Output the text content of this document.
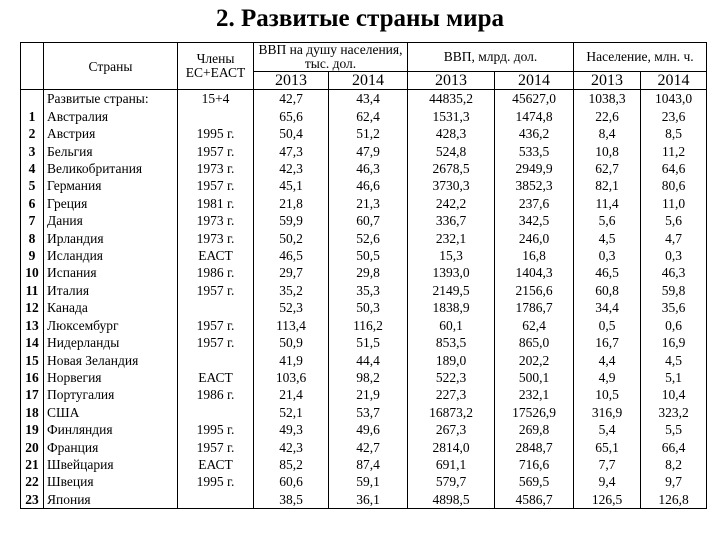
2. Развитые страны мира
	Страны	Члены ЕС+ЕАСТ	ВВП на душу населения, тыс. дол.		ВВП, млрд. дол.		Население, млн. ч.	
			2013	2014	2013	2014	2013	2014
	Развитые страны:	15+4	42,7	43,4	44835,2	45627,0	1038,3	1043,0
1	Австралия		65,6	62,4	1531,3	1474,8	22,6	23,6
2	Австрия	1995 г.	50,4	51,2	428,3	436,2	8,4	8,5
3	Бельгия	1957 г.	47,3	47,9	524,8	533,5	10,8	11,2
4	Великобритания	1973 г.	42,3	46,3	2678,5	2949,9	62,7	64,6
5	Германия	1957 г.	45,1	46,6	3730,3	3852,3	82,1	80,6
6	Греция	1981 г.	21,8	21,3	242,2	237,6	11,4	11,0
7	Дания	1973 г.	59,9	60,7	336,7	342,5	5,6	5,6
8	Ирландия	1973 г.	50,2	52,6	232,1	246,0	4,5	4,7
9	Исландия	ЕАСТ	46,5	50,5	15,3	16,8	0,3	0,3
10	Испания	1986 г.	29,7	29,8	1393,0	1404,3	46,5	46,3
11	Италия	1957 г.	35,2	35,3	2149,5	2156,6	60,8	59,8
12	Канада		52,3	50,3	1838,9	1786,7	34,4	35,6
13	Люксембург	1957 г.	113,4	116,2	60,1	62,4	0,5	0,6
14	Нидерланды	1957 г.	50,9	51,5	853,5	865,0	16,7	16,9
15	Новая Зеландия		41,9	44,4	189,0	202,2	4,4	4,5
16	Норвегия	ЕАСТ	103,6	98,2	522,3	500,1	4,9	5,1
17	Португалия	1986 г.	21,4	21,9	227,3	232,1	10,5	10,4
18	США		52,1	53,7	16873,2	17526,9	316,9	323,2
19	Финляндия	1995 г.	49,3	49,6	267,3	269,8	5,4	5,5
20	Франция	1957 г.	42,3	42,7	2814,0	2848,7	65,1	66,4
21	Швейцария	ЕАСТ	85,2	87,4	691,1	716,6	7,7	8,2
22	Швеция	1995 г.	60,6	59,1	579,7	569,5	9,4	9,7
23	Япония		38,5	36,1	4898,5	4586,7	126,5	126,8
